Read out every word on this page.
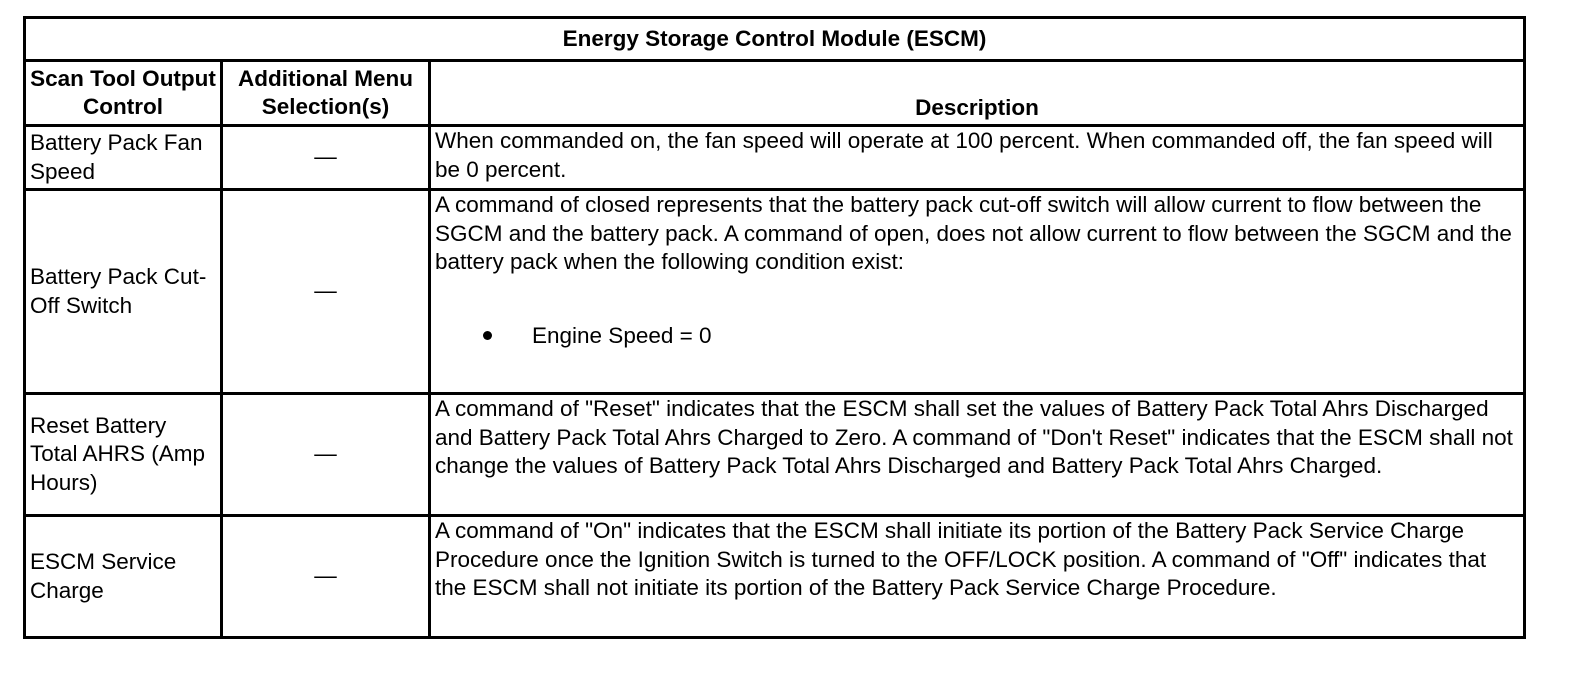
Energy Storage Control Module (ESCM)		
Scan Tool Output Control	Additional Menu Selection(s)	Description
Battery Pack Fan Speed	—	When commanded on, the fan speed will operate at 100 percent. When commanded off, the fan speed will be 0 percent.
Battery Pack Cut-Off Switch	—	A command of closed represents that the battery pack cut-off switch will allow current to flow between the SGCM and the battery pack. A command of open, does not allow current to flow between the SGCM and the battery pack when the following condition exist:
Engine Speed = 0

Reset Battery Total AHRS (Amp Hours)	—	A command of "Reset" indicates that the ESCM shall set the values of Battery Pack Total Ahrs Discharged and Battery Pack Total Ahrs Charged to Zero. A command of "Don't Reset" indicates that the ESCM shall not change the values of Battery Pack Total Ahrs Discharged and Battery Pack Total Ahrs Charged.
ESCM Service Charge	—	A command of "On" indicates that the ESCM shall initiate its portion of the Battery Pack Service Charge Procedure once the Ignition Switch is turned to the OFF/LOCK position. A command of "Off" indicates that the ESCM shall not initiate its portion of the Battery Pack Service Charge Procedure.
